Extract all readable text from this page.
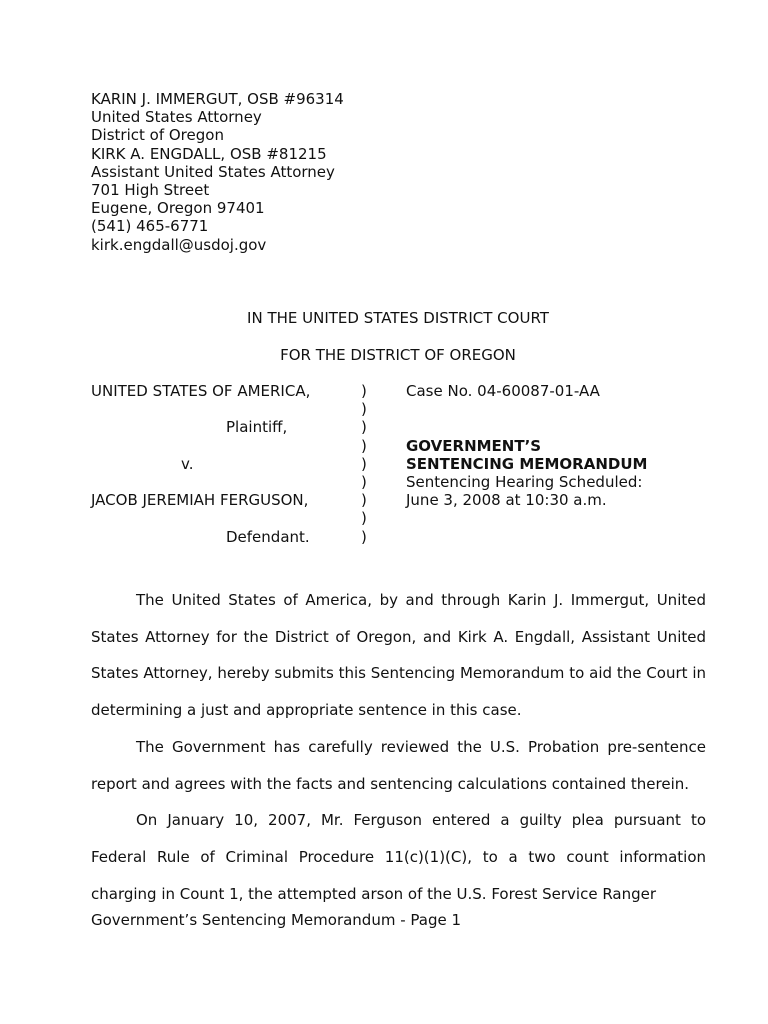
KARIN J. IMMERGUT, OSB #96314
United States Attorney
District of Oregon
KIRK A. ENGDALL, OSB #81215
Assistant United States Attorney
701 High Street
Eugene, Oregon 97401
(541) 465-6771
kirk.engdall@usdoj.gov
IN THE UNITED STATES DISTRICT COURT
FOR THE DISTRICT OF OREGON
UNITED STATES OF AMERICA,
Plaintiff,
v.
JACOB JEREMIAH FERGUSON,
Defendant.
)
)
)
)
)
)
)
)
)
Case No. 04-60087-01-AA
GOVERNMENT’S
SENTENCING MEMORANDUM
Sentencing Hearing Scheduled:
June 3, 2008 at 10:30 a.m.

The United States of America, by and through Karin J. Immergut, United States Attorney for the District of Oregon, and Kirk A. Engdall, Assistant United States Attorney, hereby submits this Sentencing Memorandum to aid the Court in determining a just and appropriate sentence in this case.

The Government has carefully reviewed the U.S. Probation pre-sentence report and agrees with the facts and sentencing calculations contained therein.

On January 10, 2007, Mr. Ferguson entered a guilty plea pursuant to Federal Rule of Criminal Procedure 11(c)(1)(C), to a two count information charging in Count 1, the attempted arson of the U.S. Forest Service Ranger

Government’s Sentencing Memorandum - Page 1
